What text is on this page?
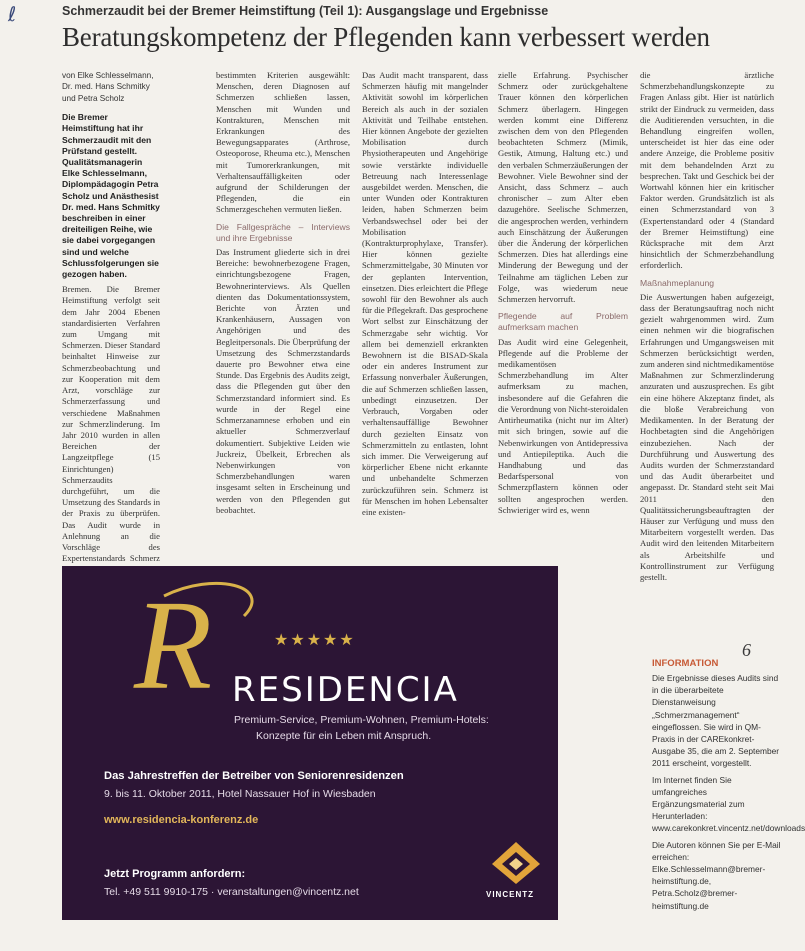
ℓ	Schmerzaudit bei der Bremer Heimstiftung (Teil 1): Ausgangslage und Ergebnisse
Beratungskompetenz der Pflegenden kann verbessert werden
von Elke Schlesselmann, Dr. med. Hans Schmitky und Petra Scholz

Die Bremer Heimstiftung hat ihr Schmerzaudit mit den Prüfstand gestellt. Qualitätsmanagerin Elke Schlesselmann, Diplompädagogin Petra Scholz und Anästhesist Dr. med. Hans Schmitky beschreiben in einer dreiteiligen Reihe, wie sie dabei vorgegangen sind und welche Schlussfolgerungen sie gezogen haben.

Bremen. Die Bremer Heimstiftung verfolgt seit dem Jahr 2004 Ebenen standardisierten Verfahren zum Umgang mit Schmerzen. Dieser Standard beinhaltet Hinweise zur Schmerzbeobachtung und zur Kooperation mit dem Arzt, vorschläge zur Schmerzerfassung und verschiedene Maßnahmen zur Schmerzlinderung. Im Jahr 2010 wurden in allen Bereichen der Langzeitpflege (15 Einrichtungen) Schmerzaudits durchgeführt, um die Umsetzung des Standards in der Praxis zu überprüfen. Das Audit wurde in Anlehnung an die Vorschläge des Expertenstandards Schmerz

bestimmten Kriterien ausgewählt: Menschen, deren Diagnosen auf Schmerzen schließen lassen, Menschen mit Wunden und Kontrakturen, Menschen mit Erkrankungen des Bewegungsapparates (Arthrose, Osteoporose, Rheuma etc.), Menschen mit Tumorerkrankungen, mit Verhaltensauffälligkeiten oder aufgrund der Schilderungen der Pflegenden, die ein Schmerzgeschehen vermuten ließen.

Die Fallgespräche – Interviews und ihre Ergebnisse

Das Instrument gliederte sich in drei Bereiche: bewohnerbezogene Fragen, einrichtungsbezogene Fragen, Bewohnerinterviews. Als Quellen dienten das Dokumentationssystem, Berichte von Ärzten und Krankenhäusern, Aussagen von Angehörigen und des Begleitpersonals. Die Überprüfung der Umsetzung des Schmerzstandards dauerte pro Bewohner etwa eine Stunde. Das Ergebnis des Audits zeigt, dass die Pflegenden gut über den Schmerzstandard informiert sind. Es wurde in der Regel eine Schmerzanamnese erhoben und ein aktueller Schmerzverlauf dokumentiert. Subjektive Leiden wie Juckreiz, Übelkeit, Erbrechen als Nebenwirkungen von Schmerzbehandlungen waren insgesamt selten in Erscheinung und werden von den Pflegenden gut beobachtet.

Das Audit macht transparent, dass Schmerzen häufig mit mangelnder Aktivität sowohl im körperlichen Bereich als auch in der sozialen Aktivität und Teilhabe entstehen. Hier können Angebote der gezielten Mobilisation durch Physiotherapeuten und Angehörige sowie verstärkte individuelle Betreuung nach Interessenlage ausgebildet werden. Menschen, die unter Wunden oder Kontrakturen leiden, haben Schmerzen beim Verbandswechsel oder bei der Mobilisation (Kontrakturprophylaxe, Transfer). Hier können gezielte Schmerzmittelgabe, 30 Minuten vor der geplanten Intervention, einsetzen. Dies erleichtert die Pflege sowohl für den Bewohner als auch für die Pflegekraft. Das gesprochene Wort selbst zur Einschätzung der Schmerzgabe sehr wichtig. Vor allem bei demenziell erkrankten Bewohnern ist die BISAD-Skala oder ein anderes Instrument zur Erfassung nonverbaler Äußerungen, die auf Schmerzen schließen lassen, unbedingt einzusetzen. Der Verbrauch, Vorgaben oder verhaltensauffällige Bewohner durch gezielten Einsatz von Schmerzmitteln zu entlasten, lohnt sich immer. Die Verweigerung auf körperlicher Ebene nicht erkannte und unbehandelte Schmerzen zurückzuführen sein. Schmerz ist für Menschen im hohen Lebensalter eine existen-

zielle Erfahrung. Psychischer Schmerz oder zurückgehaltene Trauer können den körperlichen Schmerz überlagern. Hingegen werden kommt eine Differenz zwischen dem von den Pflegenden beobachteten Schmerz (Mimik, Gestik, Atmung, Haltung etc.) und den verbalen Schmerzäußerungen der Bewohner. Viele Bewohner sind der Ansicht, dass Schmerz – auch chronischer – zum Alter eben dazugehöre. Seelische Schmerzen, die angesprochen werden, verhindern auch Einschätzung der Äußerungen über die Änderung der körperlichen Schmerzen. Dies hat allerdings eine Minderung der Bewegung und der Teilnahme am täglichen Leben zur Folge, was wiederum neue Schmerzen hervorruft.

Pflegende auf Problem aufmerksam machen

Das Audit wird eine Gelegenheit, Pflegende auf die Probleme der medikamentösen Schmerzbehandlung im Alter aufmerksam zu machen, insbesondere auf die Gefahren die die Verordnung von Nicht-steroidalen Antirheumatika (nicht nur im Alter) mit sich bringen, sowie auf die Nebenwirkungen von Antidepressiva und Antiepileptika. Auch die Handhabung und das Bedarfspersonal von Schmerzpflastern können oder sollten angesprochen werden. Schwieriger wird es, wenn

die ärztliche Schmerzbehandlungskonzepte zu Fragen Anlass gibt. Hier ist natürlich strikt der Eindruck zu vermeiden, dass die Auditierenden versuchten, in die Behandlung eingreifen wollen, unterscheidet ist hier das eine oder andere Anzeige, die Probleme positiv mit dem behandelnden Arzt zu besprechen. Takt und Geschick bei der Wortwahl können hier ein kritischer Faktor werden. Grundsätzlich ist als einen Schmerzstandard von 3 (Expertenstandard oder 4 (Standard der Bremer Heimstiftung) eine Rücksprache mit dem Arzt hinsichtlich der Schmerzbehandlung erforderlich.

Maßnahmeplanung

Die Auswertungen haben aufgezeigt, dass der Beratungsauftrag noch nicht gezielt wahrgenommen wird. Zum einen nehmen wir die biografischen Erfahrungen und Umgangsweisen mit Schmerzen berücksichtigt werden, zum anderen sind nichtmedikamentöse Maßnahmen zur Schmerzlinderung anzuraten und auszusprechen. Es gibt ein eine höhere Akzeptanz findet, als die bloße Verabreichung von Medikamenten. In der Beratung der Hochbetagten sind die Angehörigen einzubeziehen. Nach der Durchführung und Auswertung des Audits wurden der Schmerzstandard und das Audit überarbeitet und angepasst. Dr. Standard steht seit Mai 2011 den Qualitätssicherungsbeauftragten der Häuser zur Verfügung und muss den Mitarbeitern vorgestellt werden. Das Audit wird den leitenden Mitarbeitern als Arbeitshilfe und Kontrollinstrument zur Verfügung gestellt.

R	★★★★★
RESIDENCIA
Premium-Service, Premium-Wohnen, Premium-Hotels:
Konzepte für ein Leben mit Anspruch.
Das Jahrestreffen der Betreiber von Seniorenresidenzen
9. bis 11. Oktober 2011, Hotel Nassauer Hof in Wiesbaden
www.residencia-konferenz.de
Jetzt Programm anfordern:
Tel. +49 511 9910-175 · veranstaltungen@vincentz.net	VINCENTZ
6
INFORMATION

Die Ergebnisse dieses Audits sind in die überarbeitete Dienstanweisung „Schmerzmanagement“ eingeflossen. Sie wird in QM-Praxis in der CAREkonkret-Ausgabe 35, die am 2. September 2011 erscheint, vorgestellt.

Im Internet finden Sie umfangreiches Ergänzungsmaterial zum Herunterladen: www.carekonkret.vincentz.net/downloads

Die Autoren können Sie per E-Mail erreichen: Elke.Schlesselmann@bremer-heimstiftung.de, Petra.Scholz@bremer-heimstiftung.de
